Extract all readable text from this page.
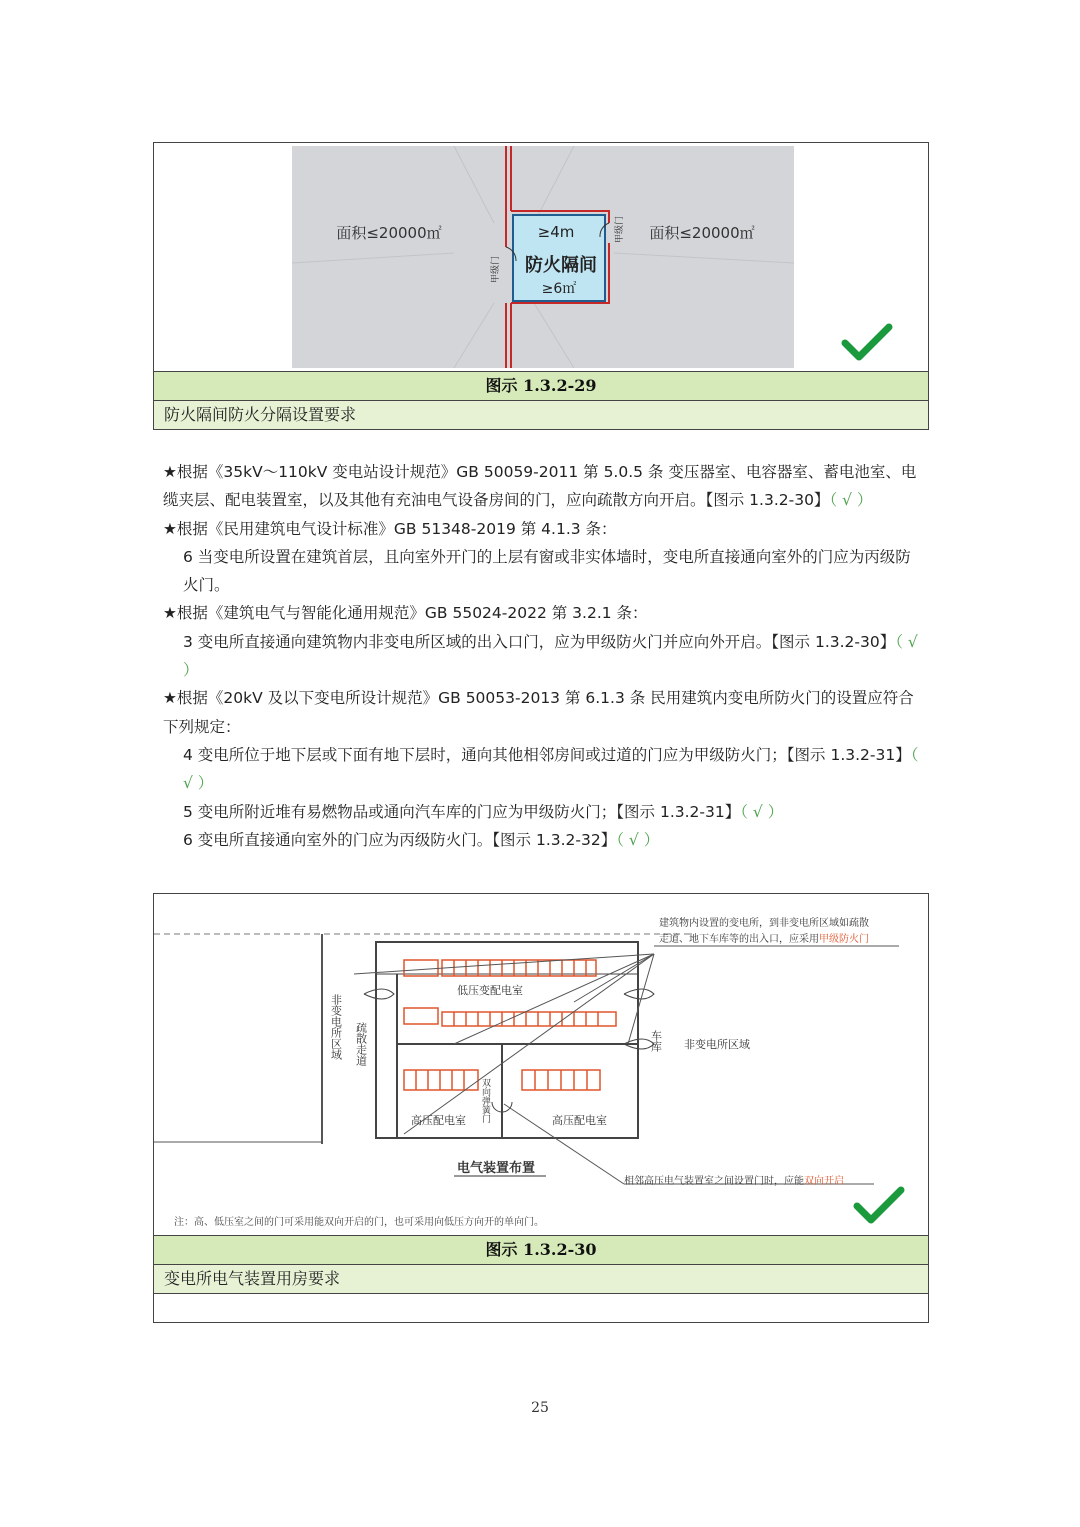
面积≤20000㎡	面积≤20000㎡
≥4m
防火隔间
≥6㎡
甲级门
甲级门
图示 1.3.2-29
防火隔间防火分隔设置要求

★根据《35kV～110kV 变电站设计规范》GB 50059-2011 第 5.0.5 条 变压器室、电容器室、蓄电池室、电缆夹层、配电装置室，以及其他有充油电气设备房间的门，应向疏散方向开启。【图示 1.3.2-30】（ √ ）

★根据《民用建筑电气设计标准》GB 51348-2019 第 4.1.3 条：

6 当变电所设置在建筑首层，且向室外开门的上层有窗或非实体墙时，变电所直接通向室外的门应为丙级防火门。

★根据《建筑电气与智能化通用规范》GB 55024-2022 第 3.2.1 条：

3 变电所直接通向建筑物内非变电所区域的出入口门，应为甲级防火门并应向外开启。【图示 1.3.2-30】（ √ ）

★根据《20kV 及以下变电所设计规范》GB 50053-2013 第 6.1.3 条 民用建筑内变电所防火门的设置应符合下列规定：

4 变电所位于地下层或下面有地下层时，通向其他相邻房间或过道的门应为甲级防火门；【图示 1.3.2-31】（ √ ）

5 变电所附近堆有易燃物品或通向汽车库的门应为甲级防火门；【图示 1.3.2-31】（ √ ）

6 变电所直接通向室外的门应为丙级防火门。【图示 1.3.2-32】（ √ ）

建筑物内设置的变电所，到非变电所区域如疏散
走道、地下车库等的出入口，应采用甲级防火门
低压变配电室
疏散走道
非变电所区域	车库 非变电所区域
双向弹簧门
高压配电室	高压配电室
电气装置布置
相邻高压电气装置室之间设置门时，应能双向开启
注：高、低压室之间的门可采用能双向开启的门，也可采用向低压方向开的单向门。
图示 1.3.2-30
变电所电气装置用房要求
25
